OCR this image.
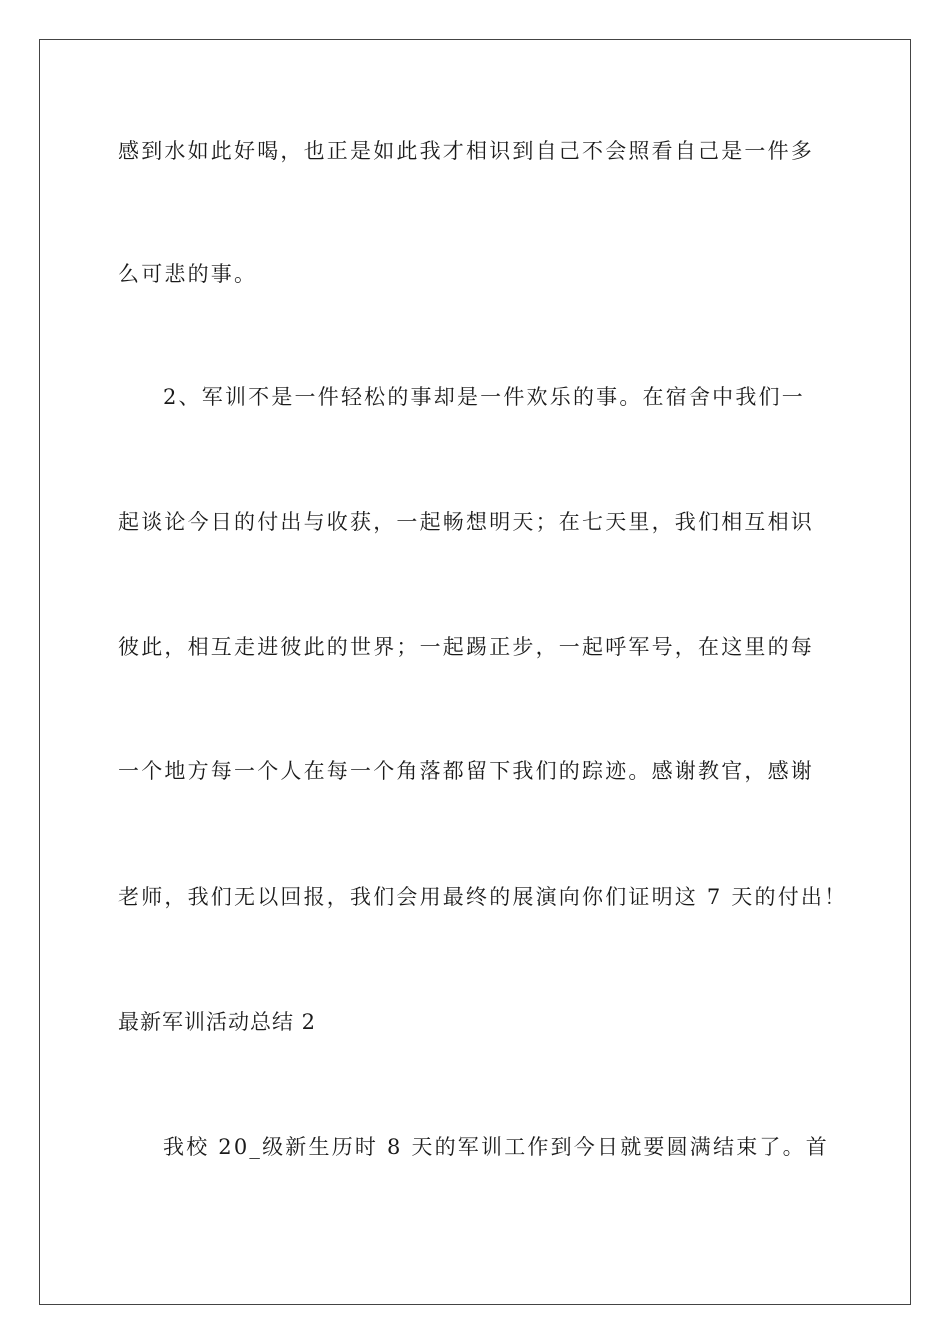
感到水如此好喝，也正是如此我才相识到自己不会照看自己是一件多
么可悲的事。
2、军训不是一件轻松的事却是一件欢乐的事。在宿舍中我们一
起谈论今日的付出与收获，一起畅想明天；在七天里，我们相互相识
彼此，相互走进彼此的世界；一起踢正步，一起呼军号，在这里的每
一个地方每一个人在每一个角落都留下我们的踪迹。感谢教官，感谢
老师，我们无以回报，我们会用最终的展演向你们证明这 7 天的付出！
最新军训活动总结 2
我校 20_级新生历时 8 天的军训工作到今日就要圆满结束了。首
